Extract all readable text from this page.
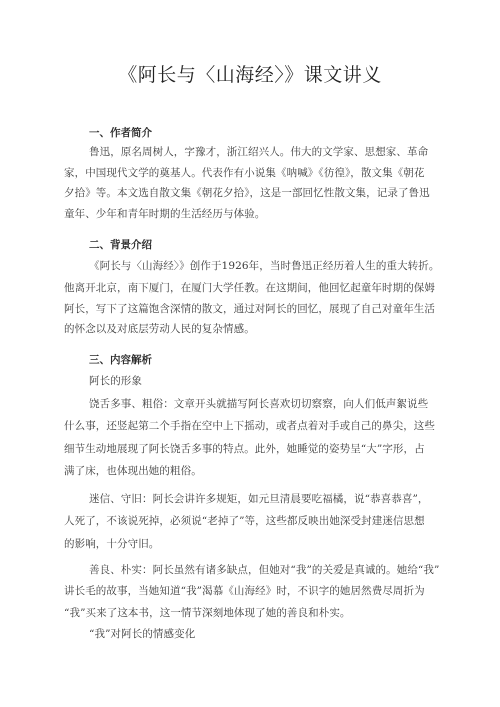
《阿长与〈山海经〉》课文讲义
一、作者简介
鲁迅，原名周树人，字豫才，浙江绍兴人。伟大的文学家、思想家、革命
家，中国现代文学的奠基人。代表作有小说集《呐喊》《彷徨》，散文集《朝花
夕拾》等。本文选自散文集《朝花夕拾》，这是一部回忆性散文集，记录了鲁迅
童年、少年和青年时期的生活经历与体验。
二、背景介绍
《阿长与〈山海经〉》创作于1926年，当时鲁迅正经历着人生的重大转折。
他离开北京，南下厦门，在厦门大学任教。在这期间，他回忆起童年时期的保姆
阿长，写下了这篇饱含深情的散文，通过对阿长的回忆，展现了自己对童年生活
的怀念以及对底层劳动人民的复杂情感。
三、内容解析
阿长的形象
饶舌多事、粗俗：文章开头就描写阿长喜欢切切察察，向人们低声絮说些
什么事，还竖起第二个手指在空中上下摇动，或者点着对手或自己的鼻尖，这些
细节生动地展现了阿长饶舌多事的特点。此外，她睡觉的姿势呈“大”字形，占
满了床，也体现出她的粗俗。
迷信、守旧：阿长会讲许多规矩，如元旦清晨要吃福橘，说“恭喜恭喜”，
人死了，不该说死掉，必须说“老掉了”等，这些都反映出她深受封建迷信思想
的影响，十分守旧。
善良、朴实：阿长虽然有诸多缺点，但她对“我”的关爱是真诚的。她给“我”
讲长毛的故事，当她知道“我”渴慕《山海经》时，不识字的她居然费尽周折为
“我”买来了这本书，这一情节深刻地体现了她的善良和朴实。
“我”对阿长的情感变化
